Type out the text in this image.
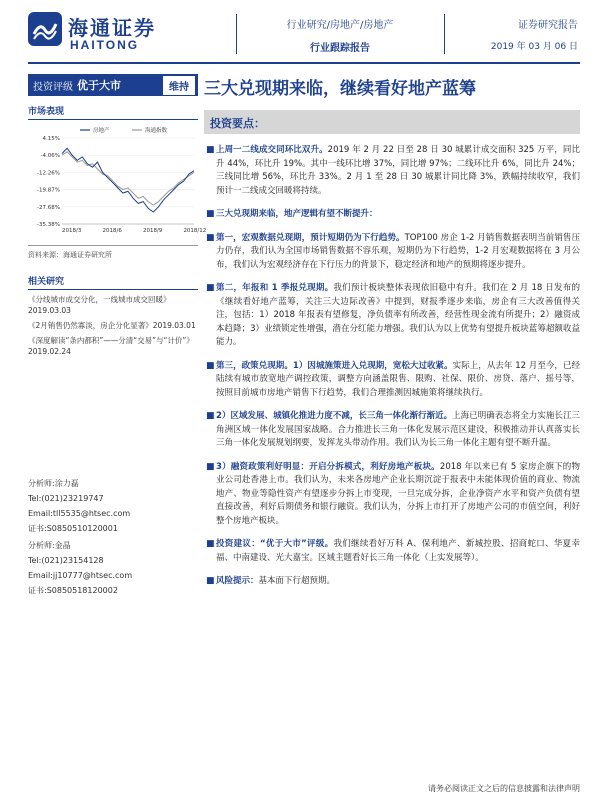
海通证券
HAITONG
行业研究/房地产/房地产
行业跟踪报告
证券研究报告
2019 年 03 月 06 日
投资评级 优于大市	维持 三大兑现期来临，继续看好地产蓝筹
市场表现
4.15%
-4.06%
-12.26%
-19.87%
-27.68%
-35.38%
2018/3	2018/6	2018/9	2018/12
房地产	海通指数
资料来源：海通证券研究所
相关研究
《分线城市成交分化，一线城市成交回暖》2019.03.03
《2月销售仍然寡淡，房企分化显著》2019.03.01
《深度解读“条内都积”——分清“交易”与“计价”》2019.02.24
分析师:涂力磊
Tel:(021)23219747
Email:tll5535@htsec.com
证书:S0850510120001
分析师:金晶
Tel:(021)23154128
Email:jj10777@htsec.com
证书:S0850518120002
投资要点：
■ 上周一二线成交同环比双升。2019 年 2 月 22 日至 28 日 30 城累计成交面积 325 万平，同比升 44%，环比升 19%。其中一线环比增 37%，同比增 97%；二线环比升 6%，同比升 24%；三线同比增 56%，环比升 33%。2 月 1 至 28 日 30 城累计同比降 3%，跌幅持续收窄，我们预计一二线成交回暖将持续。
■ 三大兑现期来临，地产逻辑有望不断提升：
■ 第一，宏观数据兑现期，预计短期仍为下行趋势。TOP100 房企 1-2 月销售数据表明当前销售压力仍存，我们认为全国市场销售数据不容乐观，短期仍为下行趋势，1-2 月宏观数据将在 3 月公布，我们认为宏观经济存在下行压力的背景下，稳定经济和地产的预期将逐步提升。
■ 第二，年报和 1 季报兑现期。我们预计板块整体表现依旧稳中有升。我们在 2 月 18 日发布的《继续看好地产蓝筹，关注三大边际改善》中提到，财报季逐步来临，房企有三大改善值得关注，包括：1）2018 年报表有望修复，净负债率有所改善，经营性现金流有所提升；2）融资成本趋降；3）业绩锁定性增强，潜在分红能力增强。我们认为以上优势有望提升板块蓝筹超额收益能力。
■ 第三，政策兑现期。1）因城施策进入兑现期，宽松大过收紧。实际上，从去年 12 月至今，已经陆续有城市放宽地产调控政策，调整方向涵盖限售、限购、社保、限价、房贷、落户、摇号等，按照目前城市房地产销售下行趋势，我们合理推测因城施策将继续执行。
■ 2）区域发展、城镇化推进力度不减，长三角一体化渐行渐近。上海已明确表态将全力实施长江三角洲区域一体化发展国家战略。合力推进长三角一体化发展示范区建设，积极推动并认真落实长三角一体化发展规划纲要，发挥龙头带动作用。我们认为长三角一体化主题有望不断升温。
■ 3）融资政策利好明显：开启分拆模式，利好房地产板块。2018 年以来已有 5 家房企旗下的物业公司赴香港上市。我们认为，未来各房地产企业长期沉淀于报表中未能体现价值的商业、物流地产、物业等隐性资产有望逐步分拆上市变现，一旦完成分拆，企业净资产水平和资产负债有望直接改善，利好后期债务和银行融资。我们认为，分拆上市打开了房地产公司的市值空间，利好整个房地产板块。
■ 投资建议：“优于大市”评级。我们继续看好万科 A、保利地产、新城控股、招商蛇口、华夏幸福、中南建设、光大嘉宝。区域主题看好长三角一体化（上实发展等）。
■ 风险提示：基本面下行超预期。
请务必阅读正文之后的信息披露和法律声明
